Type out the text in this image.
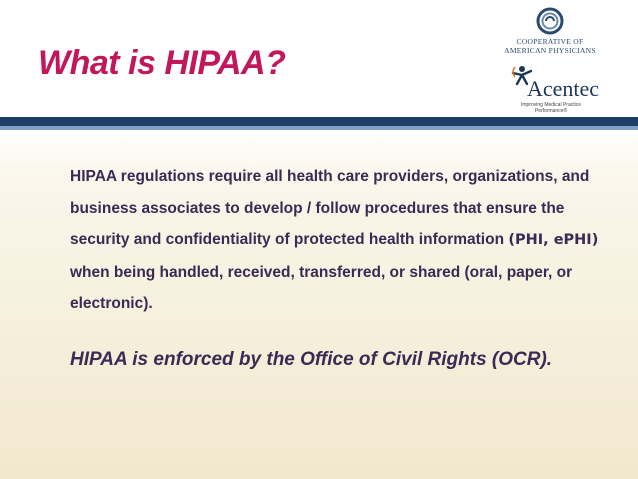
What is HIPAA?
COOPERATIVE OF
AMERICAN PHYSICIANS
Acentec
Improving Medical Practice Performance®

HIPAA regulations require all health care providers, organizations, and business associates to develop / follow procedures that ensure the security and confidentiality of protected health information (PHI, ePHI) when being handled, received, transferred, or shared (oral, paper, or electronic).

HIPAA is enforced by the Office of Civil Rights (OCR).
